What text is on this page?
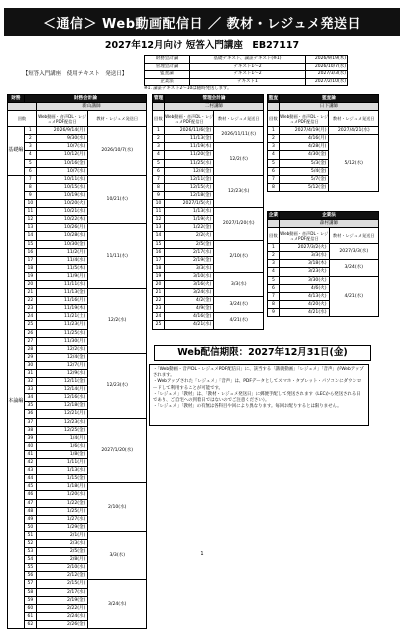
＜通信＞ Web動画配信日 ／ 教材・レジュメ発送日
2027年12月向け 短答入門講座　EB27117
【短答入門講座　使用テキスト　発送日】
財務会計論	基礎テキスト、論証テキスト(※1)	2026/9/19(木)
管理会計論	テキスト1～2	2026/10/7(水)
監査論	テキスト1～2	2027/3/3(水)
企業法	テキスト1	2027/2/10(水)
※1. 論証テキスト2～10は随時発送します。
財務	財務会計論		
		新山講師	
回数		Web動画・音声DL・レジュメPDF配信日	教材・レジュメ発送日
基礎編	1	2026/9/14(月)	2026/10/7(水)
	2	9/30(水)	
	3	10/7(水)	
	4	10/12(月)	
	5	10/16(金)	
	6	10/7(水)	
本論編	7	10/11(水)	10/21(水)
	8	10/15(水)	
	9	10/19(水)	
	10	10/20(火)	
	11	10/21(水)	
	12	10/22(木)	
	13	10/26(月)	11/11(水)
	14	10/28(水)	
	15	10/30(金)	
	16	11/2(月)	
	17	11/4(水)	
	18	11/5(木)	
	19	11/9(月)	
	20	11/11(水)	
	21	11/13(金)	12/2(水)
	22	11/16(月)	
	23	11/19(木)	
	24	11/21(土)	
	25	11/23(月)	
	26	11/25(水)	
	27	11/30(月)	
	28	12/2(水)	
	29	12/4(金)	12/23(水)
	30	12/7(月)	
	31	12/9(水)	
	32	12/11(金)	
	33	12/14(月)	
	34	12/16(水)	
	35	12/18(金)	
	36	12/21(月)	
	37	12/23(水)	2027/1/20(水)
	38	12/25(金)	
	39	1/4(月)	
	40	1/6(水)	
	41	1/8(金)	
	42	1/11(月)	
	43	1/13(水)	
	44	1/15(金)	
	45	1/18(月)	2/10(水)
	46	1/20(水)	
	47	1/22(金)	
	48	1/25(月)	
	49	1/27(水)	
	50	1/29(金)	
	51	2/1(月)	3/3(水)
	52	2/3(水)	
	53	2/5(金)	
	54	2/8(月)	
	55	2/10(水)	
	56	2/12(金)	
	57	2/15(月)	3/24(水)
	58	2/17(水)	
	59	2/19(金)	
	60	2/22(月)	
	61	2/24(水)	
	62	2/26(金)	
管理	管理会計論	
	二村講師	
回数	Web動画・音声DL・レジュメPDF配信日	教材・レジュメ発送日
1	2026/11/6(金)	2026/11/11(水)
2	11/13(金)	
3	11/19(木)	12/2(水)
4	11/20(金)	
5	11/25(水)	
6	12/4(金)	
7	12/11(金)	12/23(水)
8	12/15(火)	
9	12/18(金)	
10	2027/1/5(火)	
11	1/13(水)	2027/1/20(水)
12	1/19(火)	
13	1/22(金)	
14	2/2(火)	
15	2/5(金)	2/10(水)
16	2/17(水)	
17	2/19(金)	
18	3/3(水)	
19	3/10(水)	3/3(水)
20	3/16(火)	
21	3/24(水)	
22	4/2(金)	3/24(水)
23	4/9(金)	
24	4/16(金)	4/21(水)
25	4/21(水)	
監査	監査論	
	日下講師	
回数	Web動画・音声DL・レジュメPDF配信日	教材・レジュメ発送日
1	2027/4/19(月)	2027/4/21(水)
2	4/16(月)	5/12(水)
3	4/28(月)	
4	4/30(金)	
5	5/3(金)	
6	5/4(金)	
7	5/7(金)	
8	5/12(金)	
企業	企業法	
	森村講師	
回数	Web動画・音声DL・レジュメPDF配信日	教材・レジュメ発送日
1	2027/3/2(火)	2027/3/3(水)
2	3/3(水)	
3	3/18(木)	3/24(水)
4	3/23(火)	
5	3/30(火)	4/21(水)
6	4/6(火)	
7	4/13(火)	
8	4/20(火)	
9	4/21(水)	
Web配信期限：2027年12月31日(金)
・「Web動画・音声DL・レジュメPDF配信日」に、該当する「講義動画」「レジュメ」「音声」がWebアップされます。
・Webアップされた「レジュメ」「音声」は、PDFデータとしてスマホ・タブレット・パソコンにダウンロードして利用することが可能です。
・「レジュメ」「教材」は、「教材・レジュメ発送日」に郵便手配して発送されます（LECから発送される日であり、ご自宅への到着日ではないのでご注意ください）。
・「レジュメ」「教材」の有無は各科目や回により異なります。毎回お配りするとは限りません。
1
